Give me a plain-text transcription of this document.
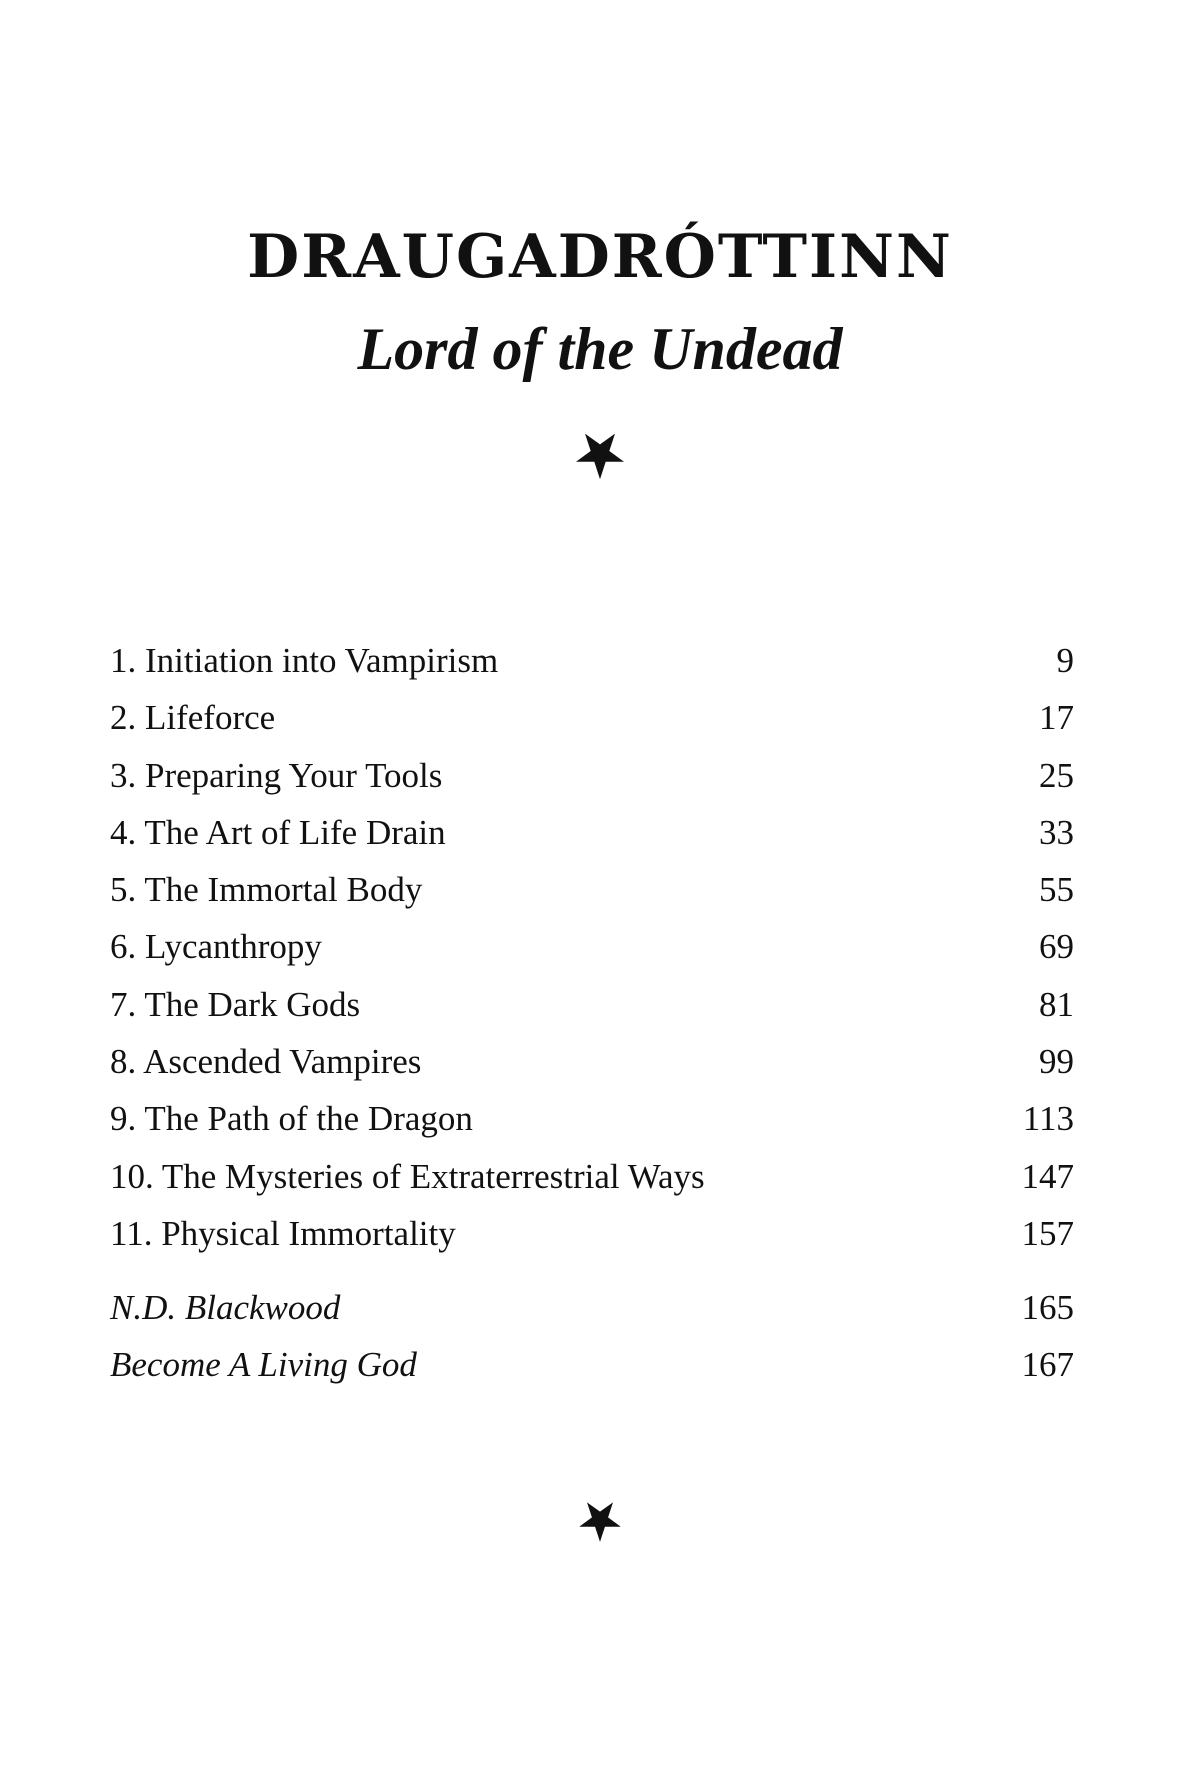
DRAUGADRÓTTINN
Lord of the Undead
1. Initiation into Vampirism	9
2. Lifeforce	17
3. Preparing Your Tools	25
4. The Art of Life Drain	33
5. The Immortal Body	55
6. Lycanthropy	69
7. The Dark Gods	81
8. Ascended Vampires	99
9. The Path of the Dragon	113
10. The Mysteries of Extraterrestrial Ways	147
11. Physical Immortality	157
N.D. Blackwood	165
Become A Living God	167
